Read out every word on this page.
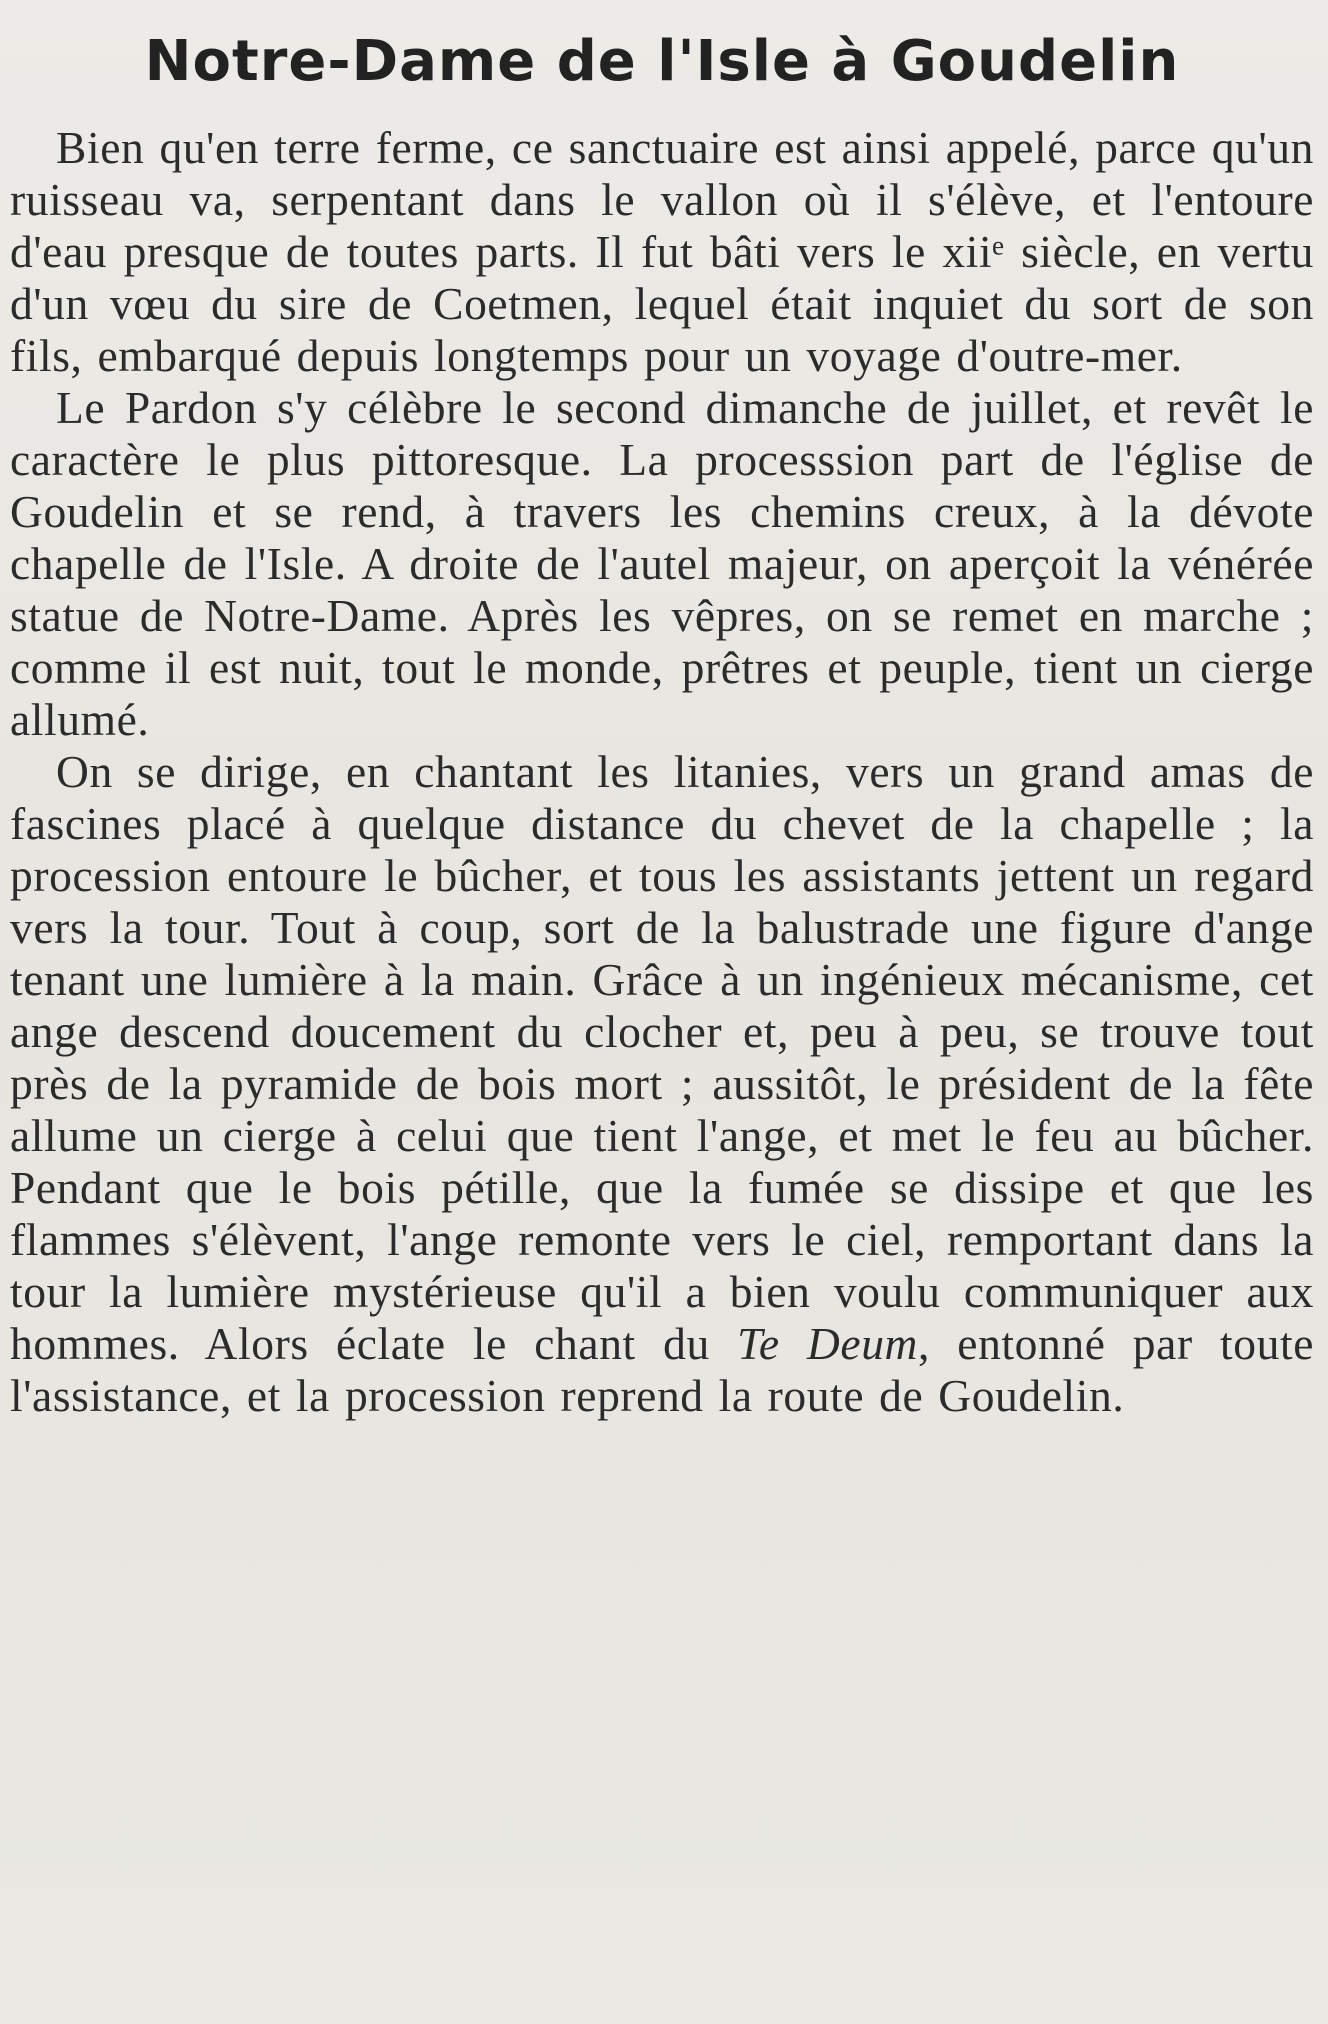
Notre-Dame de l'Isle à Goudelin

Bien qu'en terre ferme, ce sanctuaire est ainsi appelé, parce qu'un ruisseau va, serpentant dans le vallon où il s'élève, et l'entoure d'eau presque de toutes parts. Il fut bâti vers le xiiᵉ siècle, en vertu d'un vœu du sire de Coetmen, lequel était inquiet du sort de son fils, embarqué depuis longtemps pour un voyage d'outre-mer.

Le Pardon s'y célèbre le second dimanche de juillet, et revêt le caractère le plus pittoresque. La processsion part de l'église de Goudelin et se rend, à travers les chemins creux, à la dévote chapelle de l'Isle. A droite de l'autel majeur, on aperçoit la vénérée statue de Notre-Dame. Après les vêpres, on se remet en marche ; comme il est nuit, tout le monde, prêtres et peuple, tient un cierge allumé.

On se dirige, en chantant les litanies, vers un grand amas de fascines placé à quelque distance du chevet de la chapelle ; la procession entoure le bûcher, et tous les assistants jettent un regard vers la tour. Tout à coup, sort de la balustrade une figure d'ange tenant une lumière à la main. Grâce à un ingénieux mécanisme, cet ange descend doucement du clocher et, peu à peu, se trouve tout près de la pyramide de bois mort ; aussitôt, le président de la fête allume un cierge à celui que tient l'ange, et met le feu au bûcher. Pendant que le bois pétille, que la fumée se dissipe et que les flammes s'élèvent, l'ange remonte vers le ciel, remportant dans la tour la lumière mystérieuse qu'il a bien voulu communiquer aux hommes. Alors éclate le chant du Te Deum, entonné par toute l'assistance, et la procession reprend la route de Goudelin.
